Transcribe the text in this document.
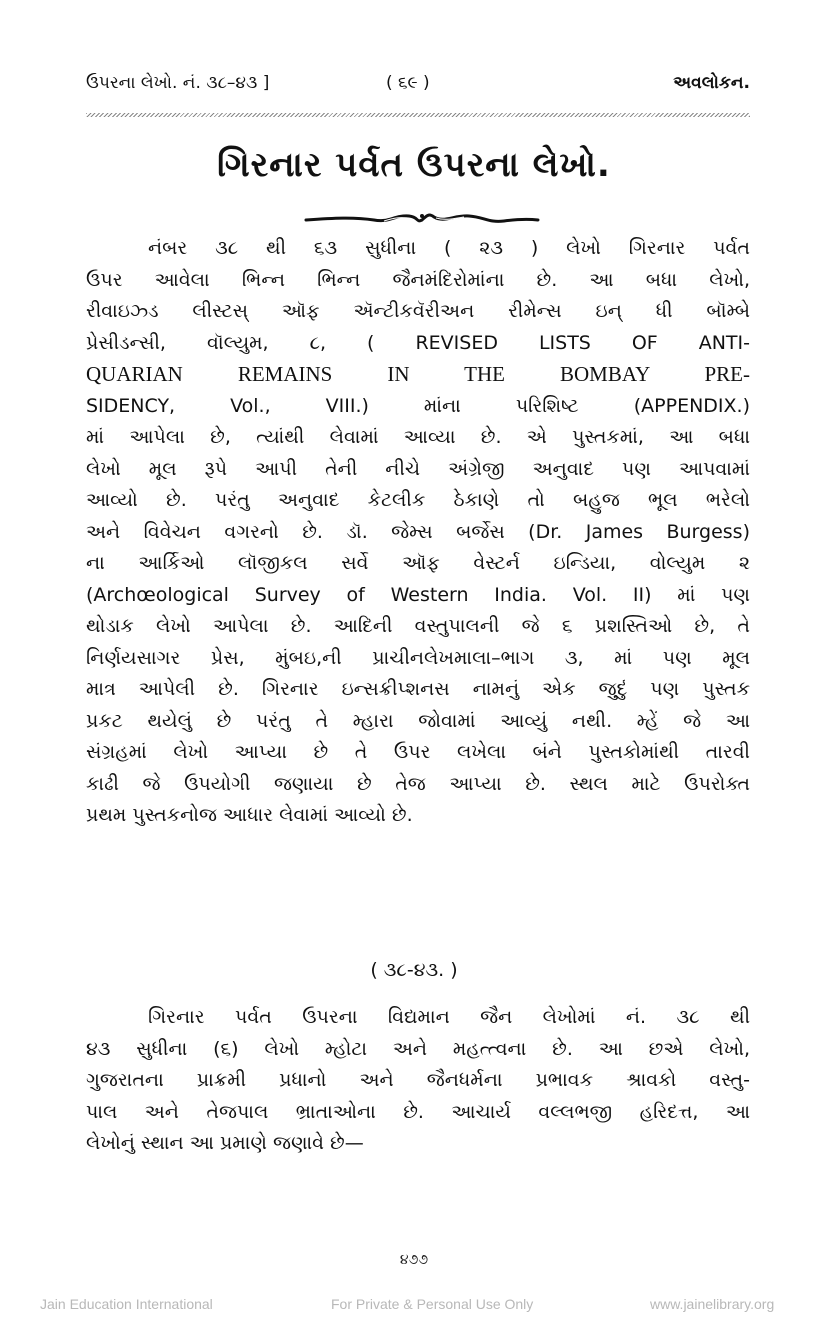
ઉપરના લેખો. નં. ૩૮–૪૩ ]	( ૬૯ )	અવલોકન.
ગિરનાર પર્વત ઉપરના લેખો.
નંબર ૩૮ થી ૬૩ સુધીના ( ૨૩ ) લેખો ગિરનાર પર્વત
ઉપર આવેલા ભિન્ન ભિન્ન જૈનમંદિરોમાંના છે. આ બધા લેખો,
રીવાઇઝ્ડ લીસ્ટસ્ ઑફ ઍન્ટીકવૅરીઅન રીમેન્સ ઇન્ ધી બૉમ્બે
પ્રેસીડન્સી, વૉલ્યુમ, ૮, ( REVISED LISTS OF ANTI-
QUARIAN REMAINS IN THE BOMBAY PRE-
SIDENCY, Vol., VIII.) માંના પરિશિષ્ટ (APPENDIX.)
માં આપેલા છે, ત્યાંથી લેવામાં આવ્યા છે. એ પુસ્તકમાં, આ બધા
લેખો મૂલ રૂપે આપી તેની નીચે અંગ્રેજી અનુવાદ પણ આપવામાં
આવ્યો છે. પરંતુ અનુવાદ કેટલીક ઠેકાણે તો બહુજ ભૂલ ભરેલો
અને વિવેચન વગરનો છે. ડૉ. જેમ્સ બર્જેસ (Dr. James Burgess)
ના આર્કિઓ લૉજીકલ સર્વે ઑફ વેસ્ટર્ન ઇન્ડિયા, વોલ્યુમ ૨
(Archœological Survey of Western India. Vol. II) માં પણ
થોડાક લેખો આપેલા છે. આદિની વસ્તુપાલની જે ૬ પ્રશસ્તિઓ છે, તે
નિર્ણયસાગર પ્રેસ, મુંબઇ,ની પ્રાચીનલેખમાલા–ભાગ ૩, માં પણ મૂલ
માત્ર આપેલી છે. ગિરનાર ઇન્સક્રીપ્શનસ નામનું એક જુદું પણ પુસ્તક
પ્રકટ થયેલું છે પરંતુ તે મ્હારા જોવામાં આવ્યું નથી. મ્હેં જે આ
સંગ્રહમાં લેખો આપ્યા છે તે ઉપર લખેલા બંને પુસ્તકોમાંથી તારવી
કાઢી જે ઉપયોગી જણાયા છે તેજ આપ્યા છે. સ્થલ માટે ઉપરોક્ત
પ્રથમ પુસ્તકનોજ આધાર લેવામાં આવ્યો છે.
( ૩૮-૪૩. )
ગિરનાર પર્વત ઉપરના વિદ્યમાન જૈન લેખોમાં નં. ૩૮ થી
૪૩ સુધીના (૬) લેખો મ્હોટા અને મહત્ત્વના છે. આ છએ લેખો,
ગુજરાતના પ્રાક્રમી પ્રધાનો અને જૈનધર્મના પ્રભાવક શ્રાવકો વસ્તુ-
પાલ અને તેજપાલ ભ્રાતાઓના છે. આચાર્ય વલ્લભજી હરિદત્ત, આ
લેખોનું સ્થાન આ પ્રમાણે જણાવે છે—
૪૭૭
Jain Education International	For Private & Personal Use Only	www.jainelibrary.org
